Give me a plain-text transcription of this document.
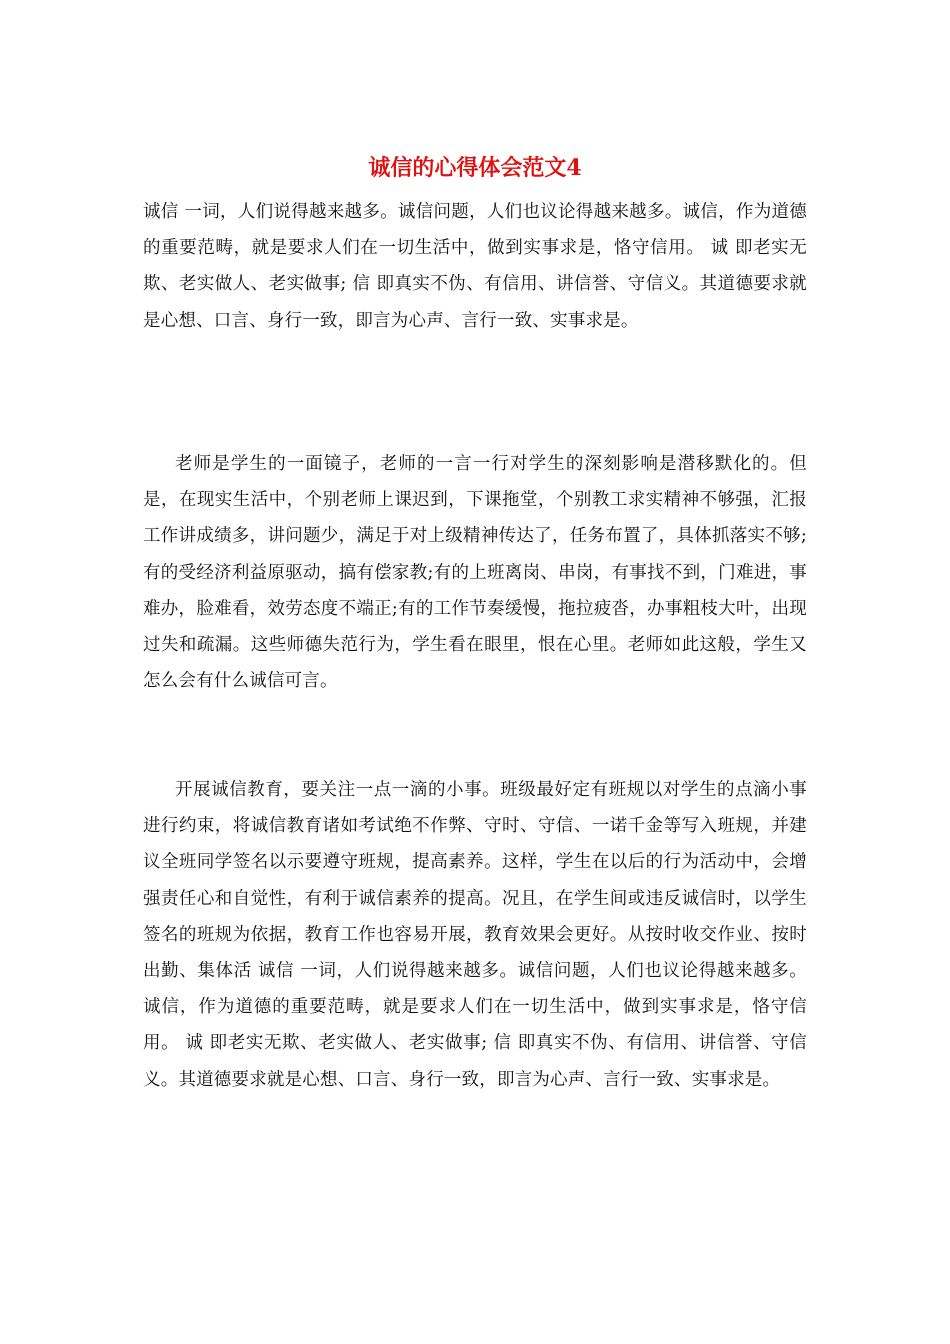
诚信的心得体会范文4

诚信 一词，人们说得越来越多。诚信问题，人们也议论得越来越多。诚信，作为道德的重要范畴，就是要求人们在一切生活中，做到实事求是，恪守信用。 诚 即老实无欺、老实做人、老实做事; 信 即真实不伪、有信用、讲信誉、守信义。其道德要求就是心想、口言、身行一致，即言为心声、言行一致、实事求是。

老师是学生的一面镜子，老师的一言一行对学生的深刻影响是潜移默化的。但是，在现实生活中，个别老师上课迟到，下课拖堂，个别教工求实精神不够强，汇报工作讲成绩多，讲问题少，满足于对上级精神传达了，任务布置了，具体抓落实不够;有的受经济利益原驱动，搞有偿家教;有的上班离岗、串岗，有事找不到，门难进，事难办，脸难看，效劳态度不端正;有的工作节奏缓慢，拖拉疲沓，办事粗枝大叶，出现过失和疏漏。这些师德失范行为，学生看在眼里，恨在心里。老师如此这般，学生又怎么会有什么诚信可言。

开展诚信教育，要关注一点一滴的小事。班级最好定有班规以对学生的点滴小事进行约束，将诚信教育诸如考试绝不作弊、守时、守信、一诺千金等写入班规，并建议全班同学签名以示要遵守班规，提高素养。这样，学生在以后的行为活动中，会增强责任心和自觉性，有利于诚信素养的提高。况且，在学生间或违反诚信时，以学生签名的班规为依据，教育工作也容易开展，教育效果会更好。从按时收交作业、按时出勤、集体活 诚信 一词，人们说得越来越多。诚信问题，人们也议论得越来越多。诚信，作为道德的重要范畴，就是要求人们在一切生活中，做到实事求是，恪守信用。 诚 即老实无欺、老实做人、老实做事; 信 即真实不伪、有信用、讲信誉、守信义。其道德要求就是心想、口言、身行一致，即言为心声、言行一致、实事求是。
